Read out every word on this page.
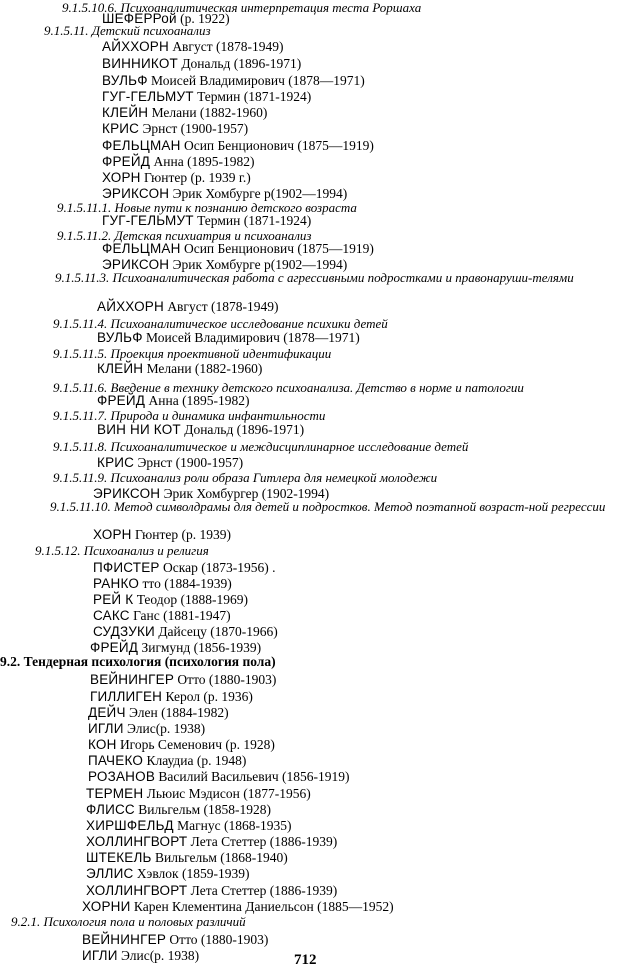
9.1.5.10.6. Психоаналитическая интерпретация теста Роршаха
ШЕФЕРРой (р. 1922)
9.1.5.11. Детский психоанализ
АЙХХОРН Август (1878-1949)
ВИННИКОТ Дональд (1896-1971)
ВУЛЬФ Моисей Владимирович (1878—1971)
ГУГ-ГЕЛЬМУТ Термин (1871-1924)
КЛЕЙН Мелани (1882-1960)
КРИС Эрнст (1900-1957)
ФЕЛЬЦМАН Осип Бенционович (1875—1919)
ФРЕЙД Анна (1895-1982)
ХОРН Гюнтер (р. 1939 г.)
ЭРИКСОН Эрик Хомбурге р(1902—1994)
9.1.5.11.1. Новые пути к познанию детского возраста
ГУГ-ГЕЛЬМУТ Термин (1871-1924)
9.1.5.11.2. Детская психиатрия и психоанализ
ФЕЛЬЦМАН Осип Бенционович (1875—1919)
ЭРИКСОН Эрик Хомбурге р(1902—1994)
9.1.5.11.3. Психоаналитическая работа с агрессивными подростками и правонаруши-телями
АЙХХОРН Август (1878-1949)
9.1.5.11.4. Психоаналитическое исследование психики детей
ВУЛЬФ Моисей Владимирович (1878—1971)
9.1.5.11.5. Проекция проективной идентификации
КЛЕЙН Мелани (1882-1960)
9.1.5.11.6. Введение в технику детского психоанализа. Детство в норме и патологии
ФРЕЙД Анна (1895-1982)
9.1.5.11.7. Природа и динамика инфантильности
ВИН НИ КОТ Дональд (1896-1971)
9.1.5.11.8. Психоаналитическое и междисциплинарное исследование детей
КРИС Эрнст (1900-1957)
9.1.5.11.9. Психоанализ роли образа Гитлера для немецкой молодежи
ЭРИКСОН Эрик Хомбургер (1902-1994)
9.1.5.11.10. Метод символдрамы для детей и подростков. Метод поэтапной возраст-ной регрессии
ХОРН Гюнтер (р. 1939)
9.1.5.12. Психоанализ и религия
ПФИСТЕР Оскар (1873-1956) .
РАНКО тто (1884-1939)
РЕЙ К Теодор (1888-1969)
САКС Ганс (1881-1947)
СУДЗУКИ Дайсецу (1870-1966)
ФРЕЙД Зигмунд (1856-1939)
9.2. Тендерная психология (психология пола)
ВЕЙНИНГЕР Отто (1880-1903)
ГИЛЛИГЕН Керол (р. 1936)
ДЕЙЧ Элен (1884-1982)
ИГЛИ Элис(р. 1938)
КОН Игорь Семенович (р. 1928)
ПАЧЕКО Клаудиа (р. 1948)
РОЗАНОВ Василий Васильевич (1856-1919)
ТЕРМЕН Льюис Мэдисон (1877-1956)
ФЛИСС Вильгельм (1858-1928)
ХИРШФЕЛЬД Магнус (1868-1935)
ХОЛЛИНГВОРТ Лета Стеттер (1886-1939)
ШТЕКЕЛЬ Вильгельм (1868-1940)
ЭЛЛИС Хэвлок (1859-1939)
ХОЛЛИНГВОРТ Лета Стеттер (1886-1939)
ХОРНИ Карен Клементина Даниельсон (1885—1952)
9.2.1. Психология пола и половых различий
ВЕЙНИНГЕР Отто (1880-1903)
ИГЛИ Элис(р. 1938)	712
